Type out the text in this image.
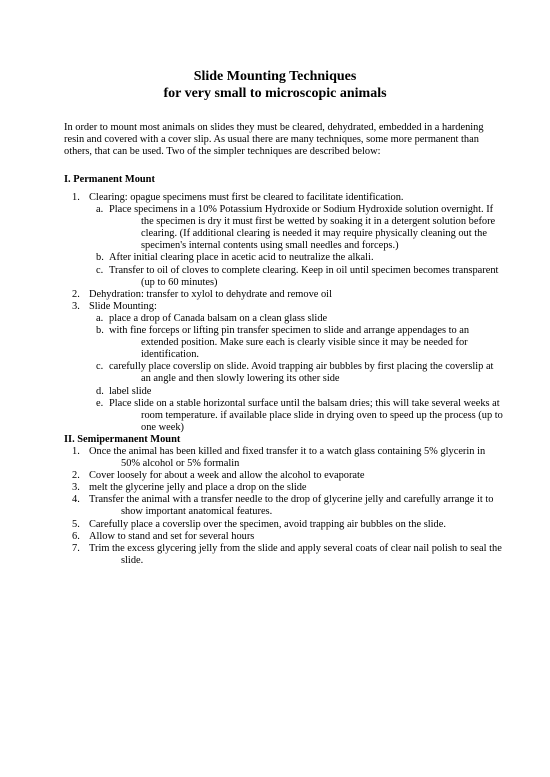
Slide Mounting Techniques
for very small to microscopic animals

In order to mount most animals on slides they must be cleared, dehydrated, embedded in a hardening resin and covered with a cover slip. As usual there are many techniques, some more permanent than others, that can be used. Two of the simpler techniques are described below:

I. Permanent Mount

1. Clearing: opague specimens must first be cleared to facilitate identification.
a. Place specimens in a 10% Potassium Hydroxide or Sodium Hydroxide solution overnight. If
the specimen is dry it must first be wetted by soaking it in a detergent solution before clearing. (If additional clearing is needed it may require physically cleaning out the specimen's internal contents using small needles and forceps.)
b. After initial clearing place in acetic acid to neutralize the alkali.
c. Transfer to oil of cloves to complete clearing. Keep in oil until specimen becomes transparent
(up to 60 minutes)
2. Dehydration: transfer to xylol to dehydrate and remove oil
3. Slide Mounting:
a. place a drop of Canada balsam on a clean glass slide
b. with fine forceps or lifting pin transfer specimen to slide and arrange appendages to an
extended position. Make sure each is clearly visible since it may be needed for identification.
c. carefully place coverslip on slide. Avoid trapping air bubbles by first placing the coverslip at
an angle and then slowly lowering its other side
d. label slide
e. Place slide on a stable horizontal surface until the balsam dries; this will take several weeks at
room temperature. if available place slide in drying oven to speed up the process (up to one week)

II. Semipermanent Mount

1. Once the animal has been killed and fixed transfer it to a watch glass containing 5% glycerin in
50% alcohol or 5% formalin
2. Cover loosely for about a week and allow the alcohol to evaporate
3. melt the glycerine jelly and place a drop on the slide
4. Transfer the animal with a transfer needle to the drop of glycerine jelly and carefully arrange it to
show important anatomical features.
5. Carefully place a coverslip over the specimen, avoid trapping air bubbles on the slide.
6. Allow to stand and set for several hours
7. Trim the excess glycering jelly from the slide and apply several coats of clear nail polish to seal the
slide.
